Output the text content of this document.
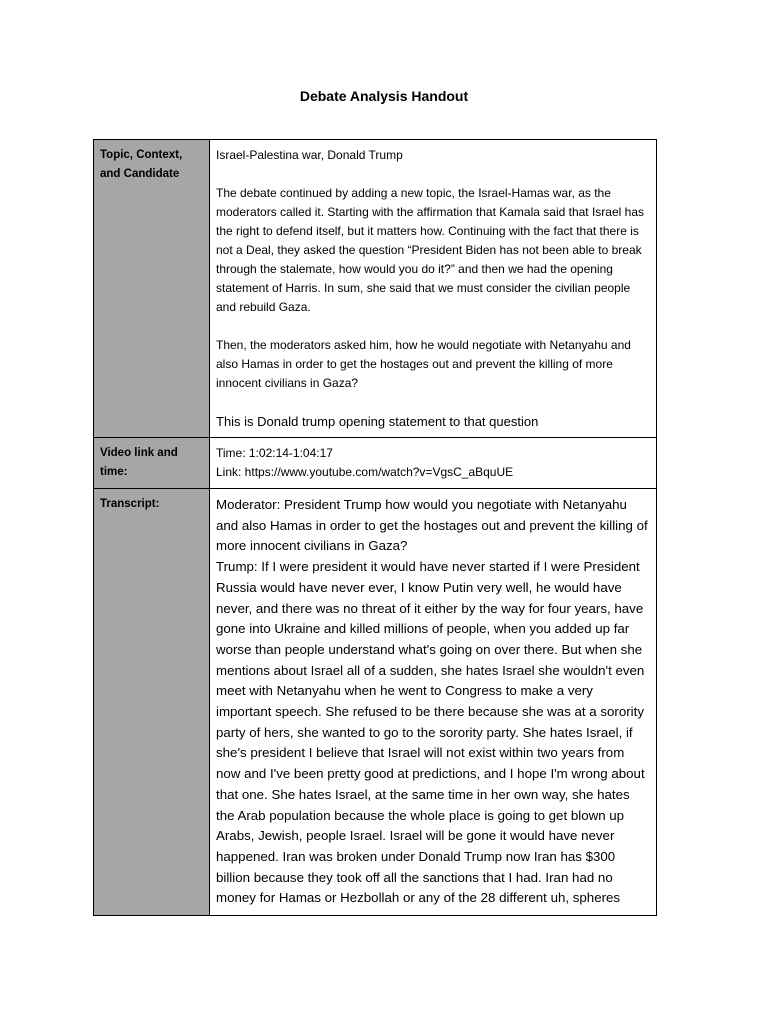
Debate Analysis Handout
Topic, Context, and Candidate	Israel-Palestina war, Donald Trump

The debate continued by adding a new topic, the Israel-Hamas war, as the moderators called it. Starting with the affirmation that Kamala said that Israel has the right to defend itself, but it matters how. Continuing with the fact that there is not a Deal, they asked the question “President Biden has not been able to break through the stalemate, how would you do it?” and then we had the opening statement of Harris. In sum, she said that we must consider the civilian people and rebuild Gaza.

Then, the moderators asked him, how he would negotiate with Netanyahu and also Hamas in order to get the hostages out and prevent the killing of more innocent civilians in Gaza?

This is Donald trump opening statement to that question

Video link and time:	Time: 1:02:14-1:04:17

Link: https://www.youtube.com/watch?v=VgsC_aBquUE

Transcript:	Moderator: President Trump how would you negotiate with Netanyahu and also Hamas in order to get the hostages out and prevent the killing of more innocent civilians in Gaza?

Trump: If I were president it would have never started if I were President Russia would have never ever, I know Putin very well, he would have never, and there was no threat of it either by the way for four years, have gone into Ukraine and killed millions of people, when you added up far worse than people understand what's going on over there. But when she mentions about Israel all of a sudden, she hates Israel she wouldn't even meet with Netanyahu when he went to Congress to make a very important speech. She refused to be there because she was at a sorority party of hers, she wanted to go to the sorority party. She hates Israel, if she's president I believe that Israel will not exist within two years from now and I've been pretty good at predictions, and I hope I'm wrong about that one. She hates Israel, at the same time in her own way, she hates the Arab population because the whole place is going to get blown up Arabs, Jewish, people Israel. Israel will be gone it would have never happened. Iran was broken under Donald Trump now Iran has $300 billion because they took off all the sanctions that I had. Iran had no money for Hamas or Hezbollah or any of the 28 different uh, spheres
